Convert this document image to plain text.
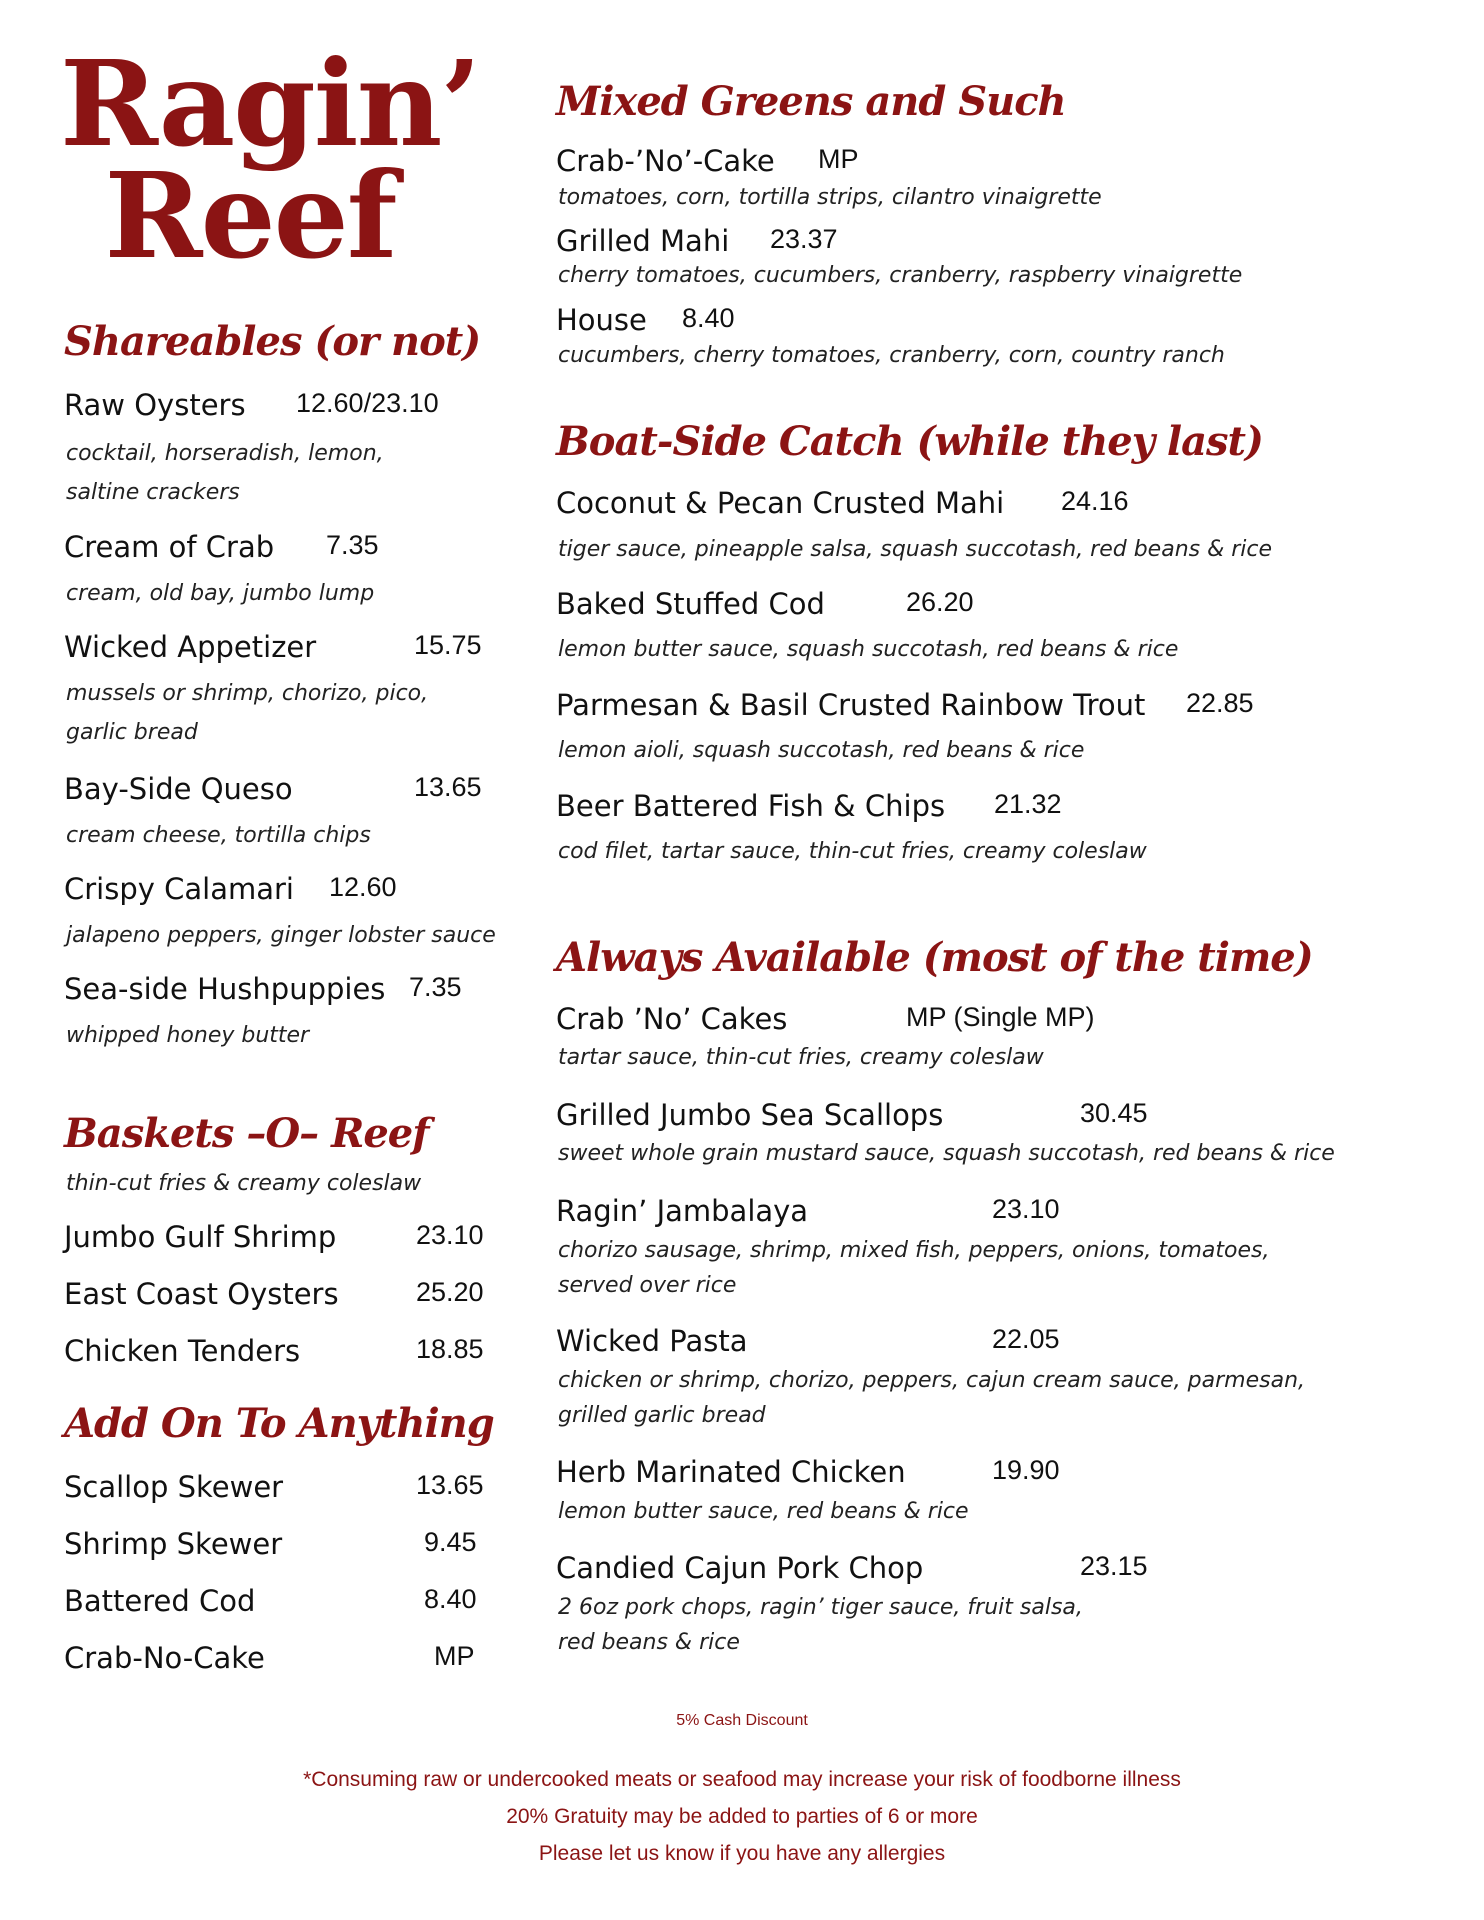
Ragin’
Reef
Shareables (or not)
Raw Oysters 12.60/23.10
cocktail, horseradish, lemon,
saltine crackers
Cream of Crab 7.35
cream, old bay, jumbo lump
Wicked Appetizer	15.75
mussels or shrimp, chorizo, pico,
garlic bread
Bay-Side Queso	13.65
cream cheese, tortilla chips
Crispy Calamari 12.60
jalapeno peppers, ginger lobster sauce
Sea-side Hushpuppies 7.35
whipped honey butter
Baskets –O– Reef
thin-cut fries & creamy coleslaw
Jumbo Gulf Shrimp	23.10
East Coast Oysters	25.20
Chicken Tenders	18.85
Add On To Anything
Scallop Skewer	13.65
Shrimp Skewer	9.45
Battered Cod	8.40
Crab-No-Cake	MP
Mixed Greens and Such
Crab-’No’-Cake MP
tomatoes, corn, tortilla strips, cilantro vinaigrette
Grilled Mahi 23.37
cherry tomatoes, cucumbers, cranberry, raspberry vinaigrette
House 8.40
cucumbers, cherry tomatoes, cranberry, corn, country ranch
Boat-Side Catch (while they last)
Coconut & Pecan Crusted Mahi 24.16
tiger sauce, pineapple salsa, squash succotash, red beans & rice
Baked Stuffed Cod	26.20
lemon butter sauce, squash succotash, red beans & rice
Parmesan & Basil Crusted Rainbow Trout 22.85
lemon aioli, squash succotash, red beans & rice
Beer Battered Fish & Chips 21.32
cod filet, tartar sauce, thin-cut fries, creamy coleslaw
Always Available (most of the time)
Crab ’No’ Cakes	MP (Single MP)
tartar sauce, thin-cut fries, creamy coleslaw
Grilled Jumbo Sea Scallops	30.45
sweet whole grain mustard sauce, squash succotash, red beans & rice
Ragin’ Jambalaya	23.10
chorizo sausage, shrimp, mixed fish, peppers, onions, tomatoes,
served over rice
Wicked Pasta	22.05
chicken or shrimp, chorizo, peppers, cajun cream sauce, parmesan,
grilled garlic bread
Herb Marinated Chicken	19.90
lemon butter sauce, red beans & rice
Candied Cajun Pork Chop	23.15
2 6oz pork chops, ragin’ tiger sauce, fruit salsa,
red beans & rice
5% Cash Discount
*Consuming raw or undercooked meats or seafood may increase your risk of foodborne illness
20% Gratuity may be added to parties of 6 or more
Please let us know if you have any allergies
